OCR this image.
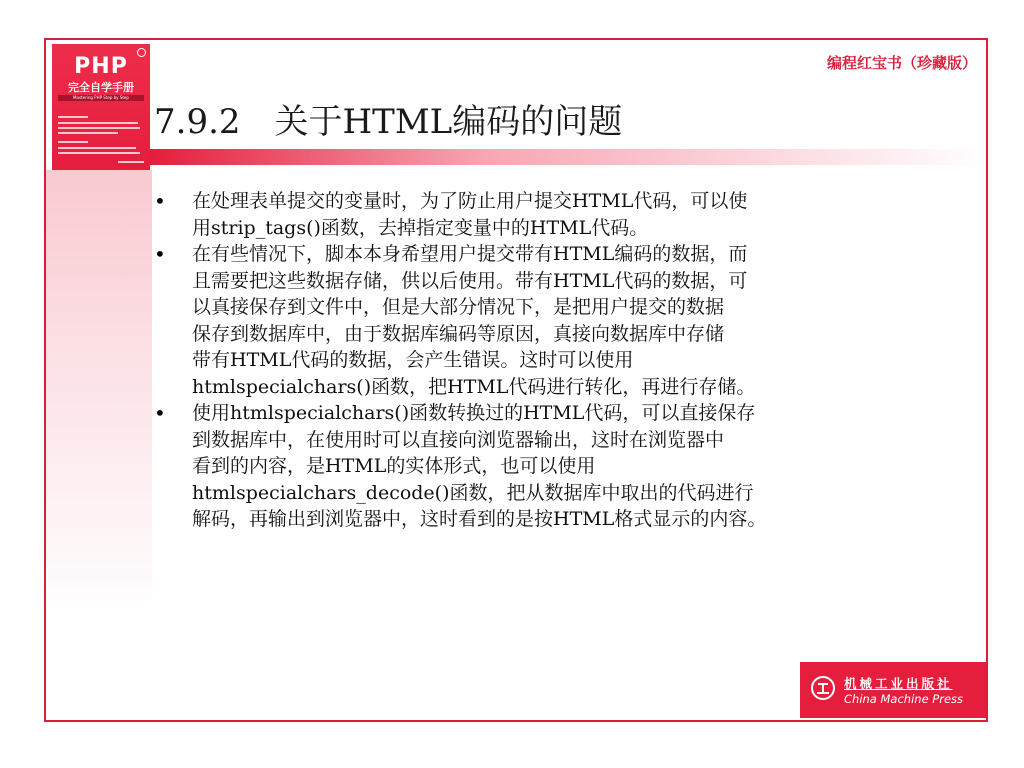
PHP
完全自学手册
Mastering PHP Step by Step
编程红宝书（珍藏版）
7.9.2　关于HTML编码的问题
• 在处理表单提交的变量时，为了防止用户提交HTML代码，可以使
用strip_tags()函数，去掉指定变量中的HTML代码。
• 在有些情况下，脚本本身希望用户提交带有HTML编码的数据，而
且需要把这些数据存储，供以后使用。带有HTML代码的数据，可
以真接保存到文件中，但是大部分情况下，是把用户提交的数据
保存到数据库中，由于数据库编码等原因，真接向数据库中存储
带有HTML代码的数据，会产生错误。这时可以使用
htmlspecialchars()函数，把HTML代码进行转化，再进行存储。
• 使用htmlspecialchars()函数转换过的HTML代码，可以直接保存
到数据库中，在使用时可以直接向浏览器输出，这时在浏览器中
看到的内容，是HTML的实体形式，也可以使用
htmlspecialchars_decode()函数，把从数据库中取出的代码进行
解码，再输出到浏览器中，这时看到的是按HTML格式显示的内容。
机械工业出版社
China Machine Press
